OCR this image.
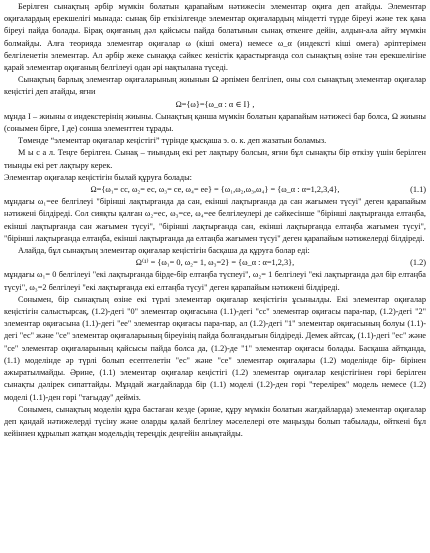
Берілген сынақтың әрбір мүмкін болатын қарапайым нәтижесін элементар оқиға деп атайды. Элементар оқиғалардың ерекшелігі мынада: сынақ бір еткізілгенде элементар оқиғалардың міндетті түрде біреуі және тек қана біреуі пайда болады. Бірақ оқиғаның дәл қайсысы пайда болатынын сынақ өткенге дейін, алдын-ала айту мүмкін болмайды. Алға теорияда элементар оқиғалар ω (кіші омега) немесе ω_α (индексті кіші омега) әріптерімен белгіленетін элементар. Ал әрбір жеке сынаққа сәйкес кеністік қарастырғанда сол сынақтың өзіне тән ерекшелігіне қарай элементар оқиғаның белгілеуі одан әрі нақтылана түседі.

Сынақтың барлық элементар оқиғаларының жиынын Ω әрпімен белгілеп, оны сол сынақтың элементар оқиғалар кеңістігі деп атайды, яғни

Ω={ω}={ω_α : α ∈ I} ,

мұнда I – жиыны α индекстерінің жиыны. Сынақтың қанша мүмкін болатын қарапайым нәтижесі бар болса, Ω жиыны (сонымен бірге, I де) сонша элементтен тұрады.

Төменде “элементар оқиғалар кеңістігі” түрінде қысқаша э. о. к. деп жазатын боламыз.

М ы с а л. Теңге берілген. Сынақ – тиындың екі рет лақтыру болсын, яғни бұл сынақты бір өткізу үшін берілген тиынды екі рет лақтыру керек.

Элементар оқиғалар кеңістігін былай құруға болады:

Ω={ω₁= сс, ω₂= ес, ω₃= се, ω₄= ее} = {ω₁,ω₂,ω₃,ω₄} = {ω_α : α=1,2,3,4},	(1.1)

мұндағы ω₁=ее белгілеуі "бірінші лақтырғанда да сан, екінші лақтырғанда да сан жағымен түсуі" деген қарапайым нәтижені білдіреді. Сол сияқты қалған ω₂=ес, ω₃=се, ω₄=ее белгілеулері де сәйкесінше "бірінші лақтырғанда елтаңба, екінші лақтырғанда сан жағымен түсуі", "бірінші лақтырғанда сан, екінші лақтырғанда елтаңба жағымен түсуі", "бірінші лақтырғанда елтаңба, екінші лақтырғанда да елтаңба жағымен түсуі" деген қарапайым нәтижелерді білдіреді.

Алайда, бұл сынақтың элементар оқиғалар кеңістігін басқаша да құруға болар еді:

Ω⁽¹⁾ = {ω₁= 0, ω₂= 1, ω₃=2} = {ω_α : α=1,2,3},	(1.2)

мұндағы ω₁= 0 белгілеуі "екі лақтырғанда бірде-бір елтаңба түспеуі", ω₂= 1 белгілеуі "екі лақтырғанда дәл бір елтаңба түсуі", ω₃=2 белгілеуі "екі лақтырғанда екі елтаңба түсуі" деген қарапайым нәтижені білдіреді.

Сонымен, бір сынақтың өзіне екі түрлі элементар оқиғалар кеңістігін ұсынылды. Екі элементар оқиғалар кеңістігін салыстырсақ, (1.2)-дегі "0" элементар оқиғасына (1.1)-дегі "сс" элементар оқиғасы пара-пар, (1.2)-дегі "2" элементар оқиғасына (1.1)-дегі "ее" элементар оқиғасы пара-пар, ал (1.2)-дегі "1" элементар оқиғасының болуы (1.1)-дегі "ес" және "се" элементар оқиғаларының біреуінің пайда болғандығын білдіреді. Демек айтсақ, (1.1)-дегі "ес" және "се" элементар оқиғаларының қайсысы пайда болса да, (1.2)-де "1" элементар оқиғасы болады. Басқаша айтқанда, (1.1) моделінде әр түрлі болып есептелетін "ес" және "се" элементар оқиғалары (1.2) моделінде бір- бірінен ажыратылмайды. Әрине, (1.1) элементар оқиғалар кеңістігі (1.2) элементар оқиғалар кеңістігінен гөрі берілген сынақты дәлірек сипаттайды. Мұндай жағдайларда бір (1.1) моделі (1.2)-ден гөрі "терелірек" модель немесе (1.2) моделі (1.1)-ден гөрі "тағыдау" дейміз.

Сонымен, сынақтың моделін құра бастаған кезде (әрине, құру мүмкін болатын жағдайларда) элементар оқиғалар деп қандай нәтижелерді түсіну және оларды қалай белгілеу мәселелері өте маңызды болып табылады, өйткені бұл кейіннен құрылып жатқан модельдің тереңдік деңгейін анықтайды.
